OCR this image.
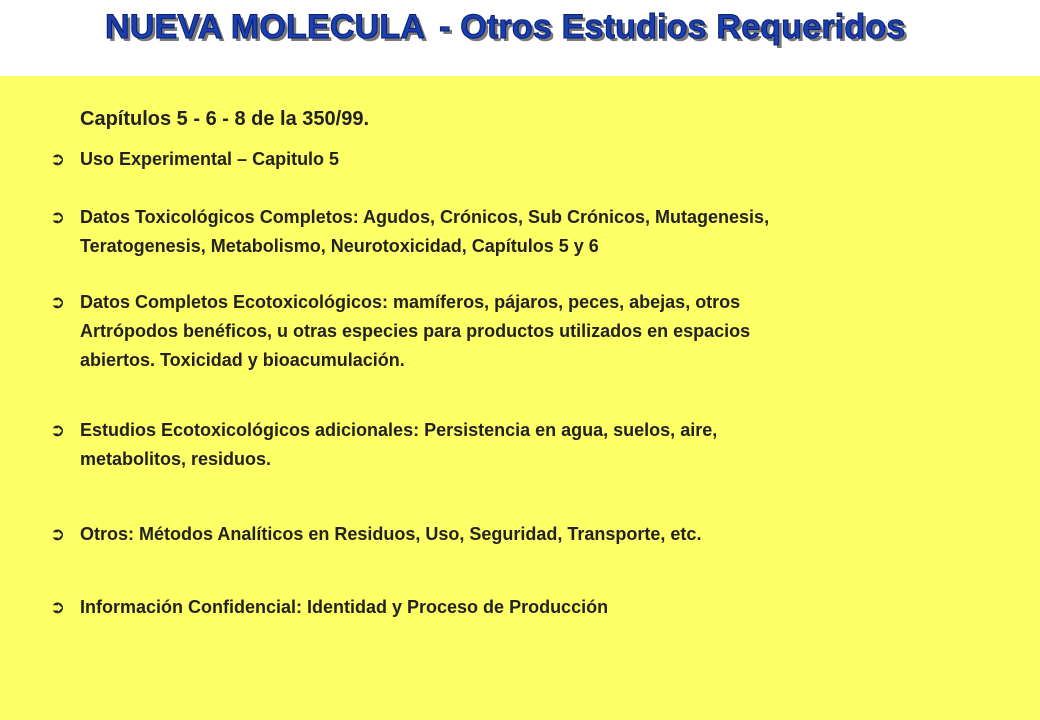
NUEVA MOLECULA - Otros Estudios Requeridos

Capítulos 5 - 6 - 8 de la 350/99.

➲ Uso Experimental – Capitulo 5
➲ Datos Toxicológicos Completos: Agudos, Crónicos, Sub Crónicos, Mutagenesis,
Teratogenesis, Metabolismo, Neurotoxicidad, Capítulos 5 y 6
➲ Datos Completos Ecotoxicológicos: mamíferos, pájaros, peces, abejas, otros
Artrópodos benéficos, u otras especies para productos utilizados en espacios
abiertos. Toxicidad y bioacumulación.
➲ Estudios Ecotoxicológicos adicionales: Persistencia en agua, suelos, aire,
metabolitos, residuos.
➲ Otros: Métodos Analíticos en Residuos, Uso, Seguridad, Transporte, etc.
➲ Información Confidencial: Identidad y Proceso de Producción
